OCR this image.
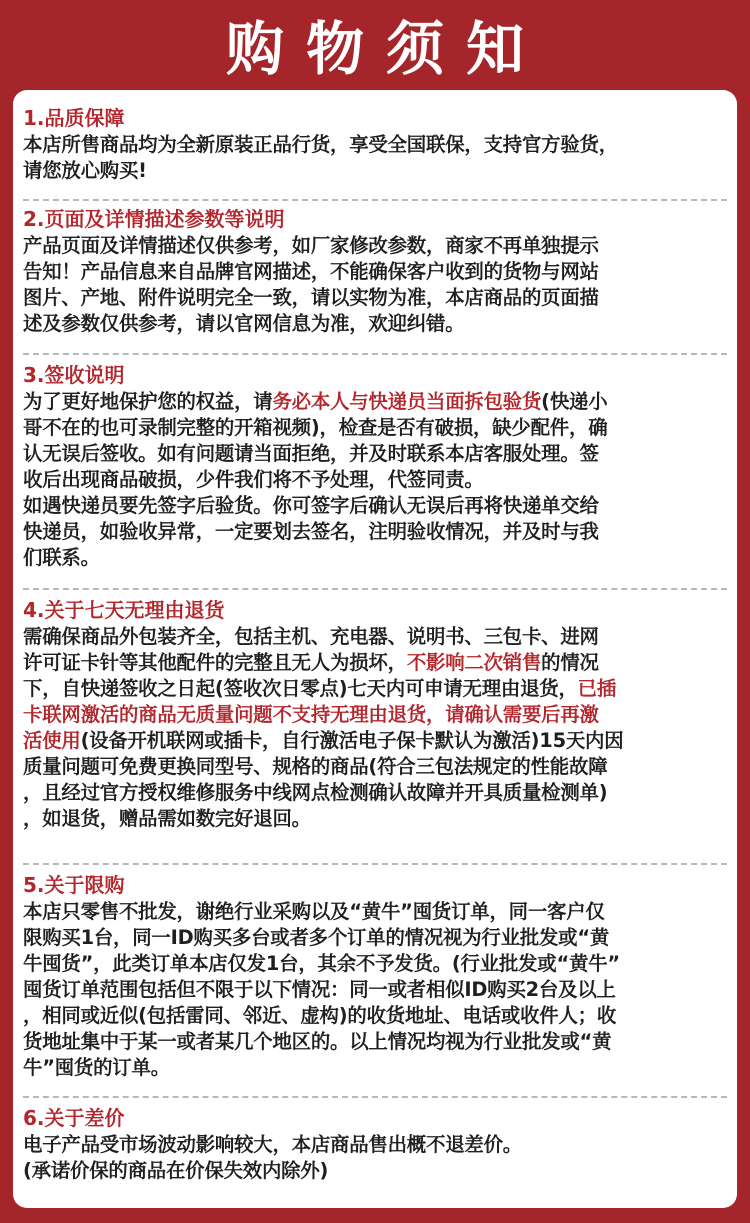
购物须知
1.品质保障
本店所售商品均为全新原装正品行货，享受全国联保，支持官方验货，
请您放心购买!
2.页面及详情描述参数等说明
产品页面及详情描述仅供参考，如厂家修改参数，商家不再单独提示
告知！产品信息来自品牌官网描述，不能确保客户收到的货物与网站
图片、产地、附件说明完全一致，请以实物为准，本店商品的页面描
述及参数仅供参考，请以官网信息为准，欢迎纠错。
3.签收说明
为了更好地保护您的权益，请务必本人与快递员当面拆包验货(快递小
哥不在的也可录制完整的开箱视频)，检查是否有破损，缺少配件，确
认无误后签收。如有问题请当面拒绝，并及时联系本店客服处理。签
收后出现商品破损，少件我们将不予处理，代签同责。
如遇快递员要先签字后验货。你可签字后确认无误后再将快递单交给
快递员，如验收异常，一定要划去签名，注明验收情况，并及时与我
们联系。
4.关于七天无理由退货
需确保商品外包装齐全，包括主机、充电器、说明书、三包卡、进网
许可证卡针等其他配件的完整且无人为损坏，不影响二次销售的情况
下，自快递签收之日起(签收次日零点)七天内可申请无理由退货，已插
卡联网激活的商品无质量问题不支持无理由退货，请确认需要后再激
活使用(设备开机联网或插卡，自行激活电子保卡默认为激活)15天内因
质量问题可免费更换同型号、规格的商品(符合三包法规定的性能故障
，且经过官方授权维修服务中线网点检测确认故障并开具质量检测单)
，如退货，赠品需如数完好退回。
5.关于限购
本店只零售不批发，谢绝行业采购以及“黄牛”囤货订单，同一客户仅
限购买1台，同一ID购买多台或者多个订单的情况视为行业批发或“黄
牛囤货”，此类订单本店仅发1台，其余不予发货。(行业批发或“黄牛”
囤货订单范围包括但不限于以下情况：同一或者相似ID购买2台及以上
，相同或近似(包括雷同、邻近、虚构)的收货地址、电话或收件人；收
货地址集中于某一或者某几个地区的。以上情况均视为行业批发或“黄
牛”囤货的订单。
6.关于差价
电子产品受市场波动影响较大，本店商品售出概不退差价。
(承诺价保的商品在价保失效内除外)
